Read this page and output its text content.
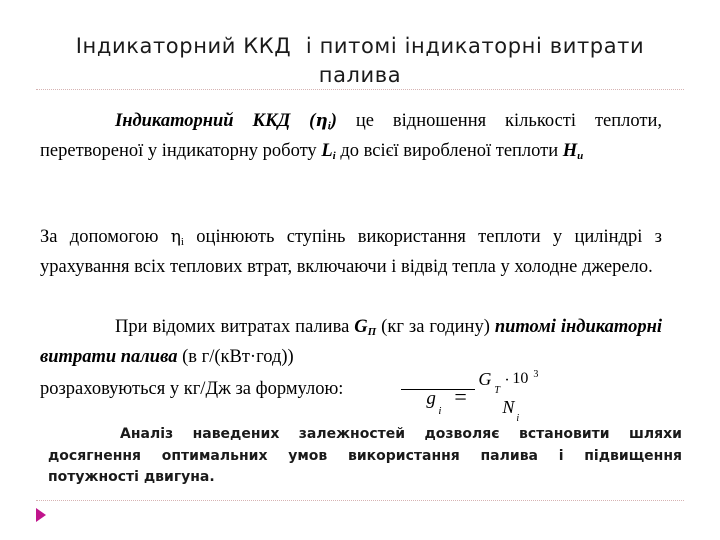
Індикаторний ККД  і питомі індикаторні витрати палива
Індикаторний ККД $(\eta_i)$ це відношення кількості теплоти, перетвореної у індикаторну роботу $L_i$ до всієї виробленої теплоти $H_u$
За допомогою $\eta_i$ оцінюють ступінь використання теплоти у циліндрі з урахування всіх теплових втрат, включаючи і відвід тепла у холодне джерело.
При відомих витратах палива $G_П$ (кг за годину) питомі індикаторні витрати палива (в г/(кВт·год))
розраховуються у кг/Дж за формулою:	g
i
=
G
T
· 10 3
N
i
Аналіз наведених залежностей дозволяє встановити шляхи досягнення оптимальних умов використання палива і підвищення потужності двигуна.
